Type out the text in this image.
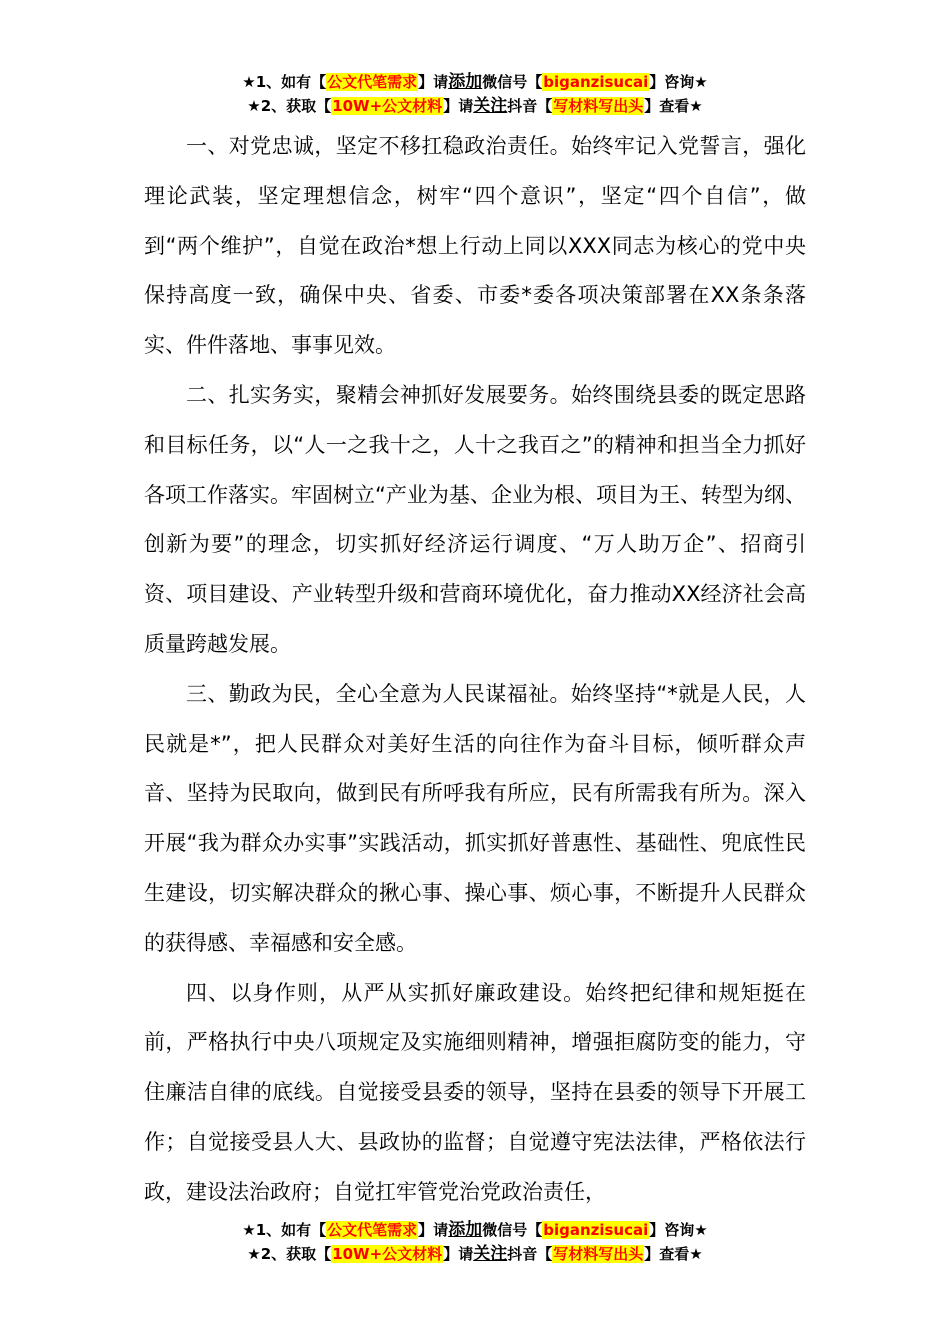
★1、如有【公文代笔需求】请添加微信号【biganzisucai】咨询★
★2、获取【10W+公文材料】请关注抖音【写材料写出头】查看★

一、对党忠诚，坚定不移扛稳政治责任。始终牢记入党誓言，强化理论武装，坚定理想信念，树牢“四个意识”，坚定“四个自信”，做到“两个维护”，自觉在政治*想上行动上同以XXX同志为核心的党中央保持高度一致，确保中央、省委、市委*委各项决策部署在XX条条落实、件件落地、事事见效。

二、扎实务实，聚精会神抓好发展要务。始终围绕县委的既定思路和目标任务，以“人一之我十之，人十之我百之”的精神和担当全力抓好各项工作落实。牢固树立“产业为基、企业为根、项目为王、转型为纲、创新为要”的理念，切实抓好经济运行调度、“万人助万企”、招商引资、项目建设、产业转型升级和营商环境优化，奋力推动XX经济社会高质量跨越发展。

三、勤政为民，全心全意为人民谋福祉。始终坚持“*就是人民，人民就是*”，把人民群众对美好生活的向往作为奋斗目标，倾听群众声音、坚持为民取向，做到民有所呼我有所应，民有所需我有所为。深入开展“我为群众办实事”实践活动，抓实抓好普惠性、基础性、兜底性民生建设，切实解决群众的揪心事、操心事、烦心事，不断提升人民群众的获得感、幸福感和安全感。

四、以身作则，从严从实抓好廉政建设。始终把纪律和规矩挺在前，严格执行中央八项规定及实施细则精神，增强拒腐防变的能力，守住廉洁自律的底线。自觉接受县委的领导，坚持在县委的领导下开展工作；自觉接受县人大、县政协的监督；自觉遵守宪法法律，严格依法行政，建设法治政府；自觉扛牢管党治党政治责任，

★1、如有【公文代笔需求】请添加微信号【biganzisucai】咨询★
★2、获取【10W+公文材料】请关注抖音【写材料写出头】查看★
